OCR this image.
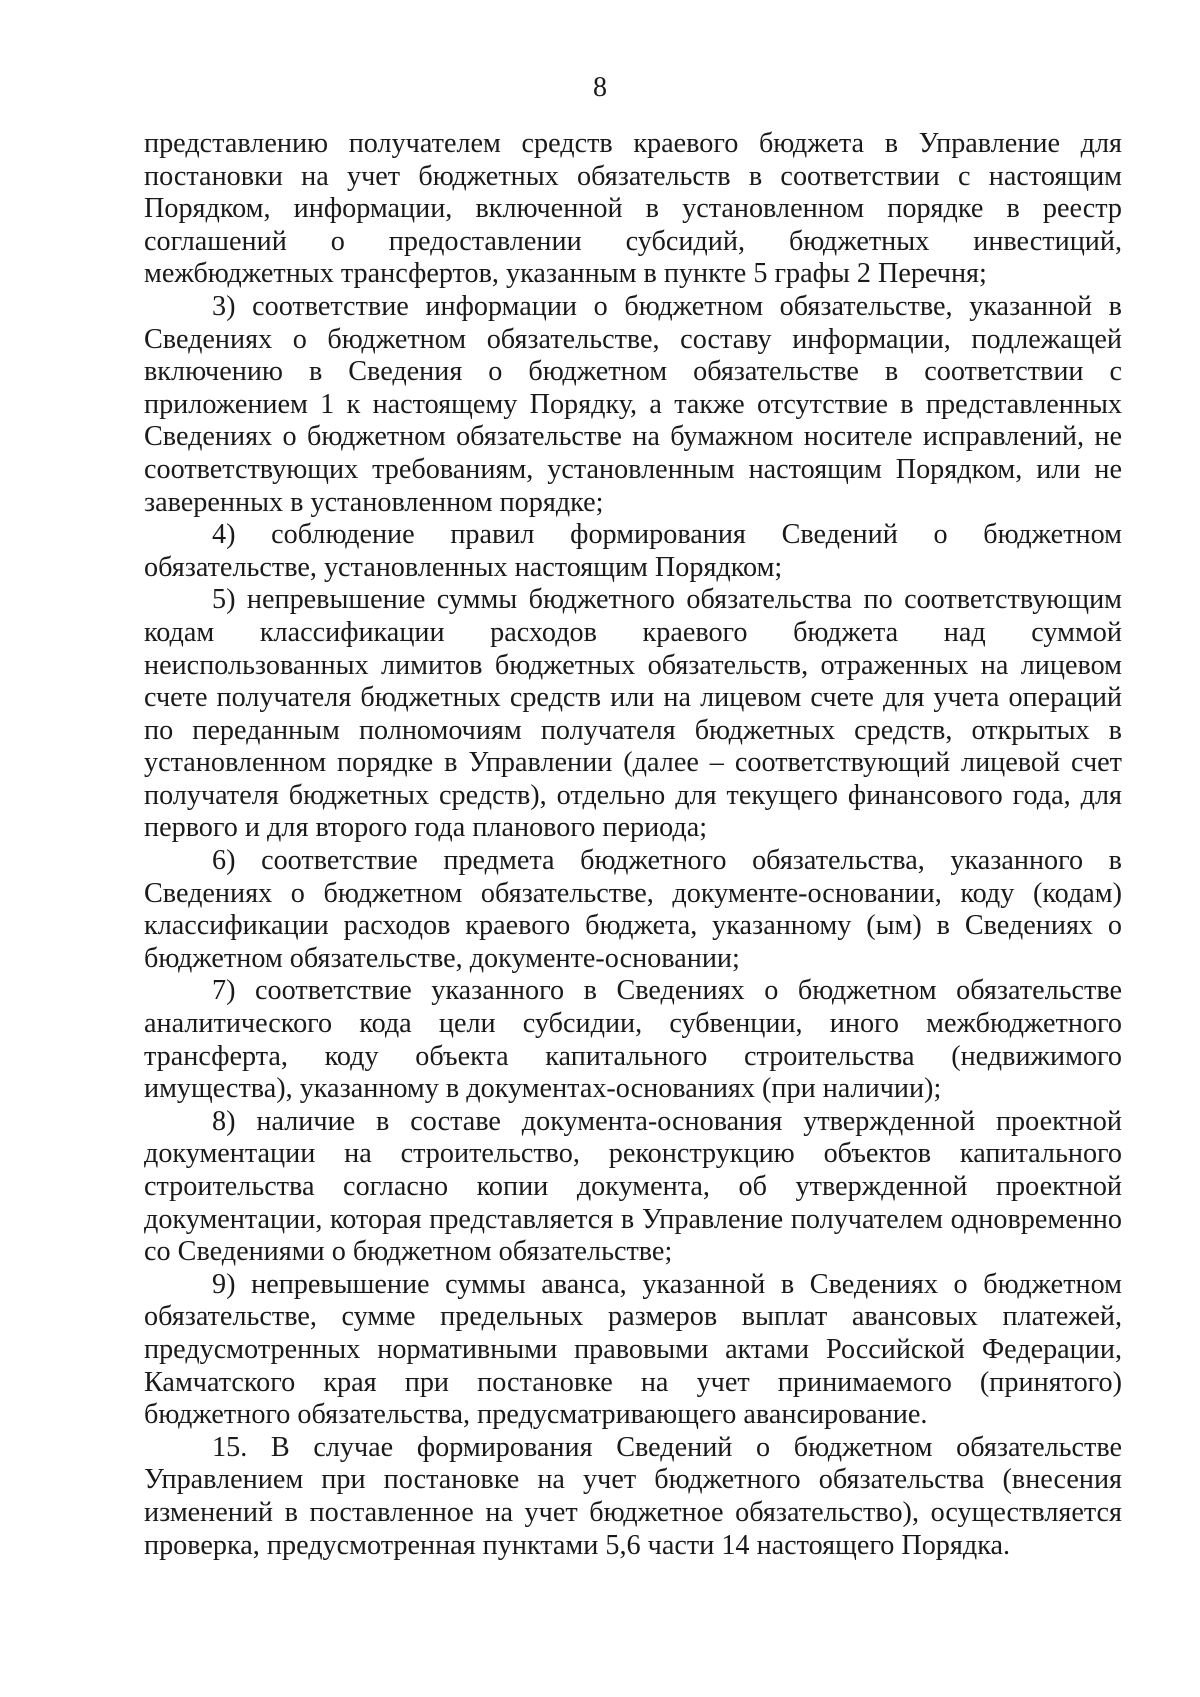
8

представлению получателем средств краевого бюджета в Управление для постановки на учет бюджетных обязательств в соответствии с настоящим Порядком, информации, включенной в установленном порядке в реестр соглашений о предоставлении субсидий, бюджетных инвестиций, межбюджетных трансфертов, указанным в пункте 5 графы 2 Перечня;

3) соответствие информации о бюджетном обязательстве, указанной в Сведениях о бюджетном обязательстве, составу информации, подлежащей включению в Сведения о бюджетном обязательстве в соответствии с приложением 1 к настоящему Порядку, а также отсутствие в представленных Сведениях о бюджетном обязательстве на бумажном носителе исправлений, не соответствующих требованиям, установленным настоящим Порядком, или не заверенных в установленном порядке;

4) соблюдение правил формирования Сведений о бюджетном обязательстве, установленных настоящим Порядком;

5) непревышение суммы бюджетного обязательства по соответствующим кодам классификации расходов краевого бюджета над суммой неиспользованных лимитов бюджетных обязательств, отраженных на лицевом счете получателя бюджетных средств или на лицевом счете для учета операций по переданным полномочиям получателя бюджетных средств, открытых в установленном порядке в Управлении (далее – соответствующий лицевой счет получателя бюджетных средств), отдельно для текущего финансового года, для первого и для второго года планового периода;

6) соответствие предмета бюджетного обязательства, указанного в Сведениях о бюджетном обязательстве, документе-основании, коду (кодам) классификации расходов краевого бюджета, указанному (ым) в Сведениях о бюджетном обязательстве, документе-основании;

7) соответствие указанного в Сведениях о бюджетном обязательстве аналитического кода цели субсидии, субвенции, иного межбюджетного трансферта, коду объекта капитального строительства (недвижимого имущества), указанному в документах-основаниях (при наличии);

8) наличие в составе документа-основания утвержденной проектной документации на строительство, реконструкцию объектов капитального строительства согласно копии документа, об утвержденной проектной документации, которая представляется в Управление получателем одновременно со Сведениями о бюджетном обязательстве;

9) непревышение суммы аванса, указанной в Сведениях о бюджетном обязательстве, сумме предельных размеров выплат авансовых платежей, предусмотренных нормативными правовыми актами Российской Федерации, Камчатского края при постановке на учет принимаемого (принятого) бюджетного обязательства, предусматривающего авансирование.

15. В случае формирования Сведений о бюджетном обязательстве Управлением при постановке на учет бюджетного обязательства (внесения изменений в поставленное на учет бюджетное обязательство), осуществляется проверка, предусмотренная пунктами 5,6 части 14 настоящего Порядка.
